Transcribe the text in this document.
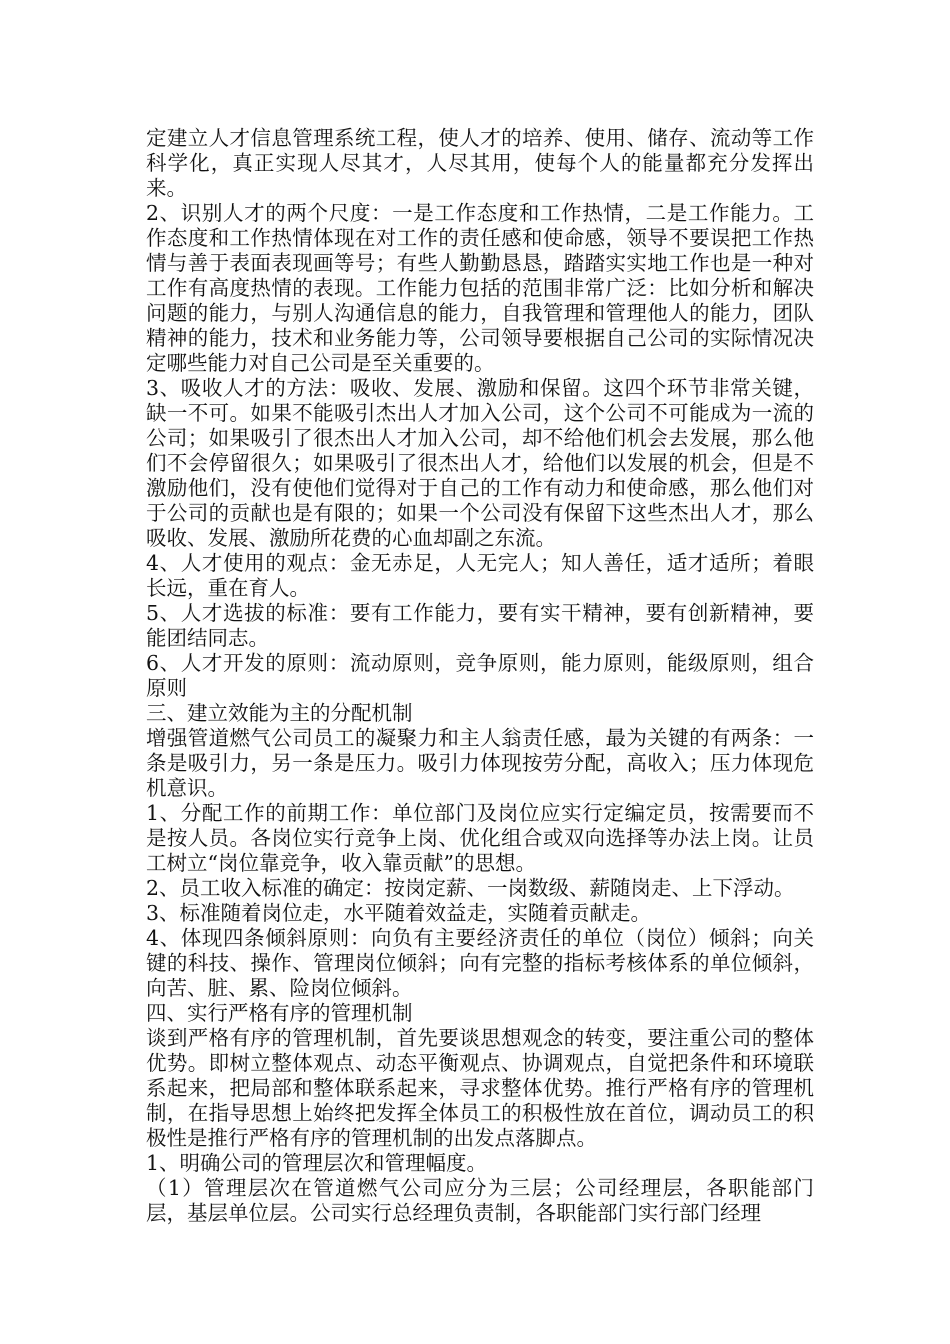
定建立人才信息管理系统工程，使人才的培养、使用、储存、流动等工作科学化，真正实现人尽其才，人尽其用，使每个人的能量都充分发挥出来。

2、识别人才的两个尺度：一是工作态度和工作热情，二是工作能力。工作态度和工作热情体现在对工作的责任感和使命感，领导不要误把工作热情与善于表面表现画等号；有些人勤勤恳恳，踏踏实实地工作也是一种对工作有高度热情的表现。工作能力包括的范围非常广泛：比如分析和解决问题的能力，与别人沟通信息的能力，自我管理和管理他人的能力，团队精神的能力，技术和业务能力等，公司领导要根据自己公司的实际情况决定哪些能力对自己公司是至关重要的。

3、吸收人才的方法：吸收、发展、激励和保留。这四个环节非常关键，缺一不可。如果不能吸引杰出人才加入公司，这个公司不可能成为一流的公司；如果吸引了很杰出人才加入公司，却不给他们机会去发展，那么他们不会停留很久；如果吸引了很杰出人才，给他们以发展的机会，但是不激励他们，没有使他们觉得对于自己的工作有动力和使命感，那么他们对于公司的贡献也是有限的；如果一个公司没有保留下这些杰出人才，那么吸收、发展、激励所花费的心血却副之东流。

4、人才使用的观点：金无赤足，人无完人；知人善任，适才适所；着眼长远，重在育人。

5、人才选拔的标准：要有工作能力，要有实干精神，要有创新精神，要能团结同志。

6、人才开发的原则：流动原则，竞争原则，能力原则，能级原则，组合原则

三、建立效能为主的分配机制

增强管道燃气公司员工的凝聚力和主人翁责任感，最为关键的有两条：一条是吸引力，另一条是压力。吸引力体现按劳分配，高收入；压力体现危机意识。

1、分配工作的前期工作：单位部门及岗位应实行定编定员，按需要而不是按人员。各岗位实行竞争上岗、优化组合或双向选择等办法上岗。让员工树立“岗位靠竞争，收入靠贡献”的思想。

2、员工收入标准的确定：按岗定薪、一岗数级、薪随岗走、上下浮动。

3、标准随着岗位走，水平随着效益走，实随着贡献走。

4、体现四条倾斜原则：向负有主要经济责任的单位（岗位）倾斜；向关键的科技、操作、管理岗位倾斜；向有完整的指标考核体系的单位倾斜，向苦、脏、累、险岗位倾斜。

四、实行严格有序的管理机制

谈到严格有序的管理机制，首先要谈思想观念的转变，要注重公司的整体优势。即树立整体观点、动态平衡观点、协调观点，自觉把条件和环境联系起来，把局部和整体联系起来，寻求整体优势。推行严格有序的管理机制，在指导思想上始终把发挥全体员工的积极性放在首位，调动员工的积极性是推行严格有序的管理机制的出发点落脚点。

1、明确公司的管理层次和管理幅度。

（1）管理层次在管道燃气公司应分为三层；公司经理层，各职能部门层，基层单位层。公司实行总经理负责制，各职能部门实行部门经理
